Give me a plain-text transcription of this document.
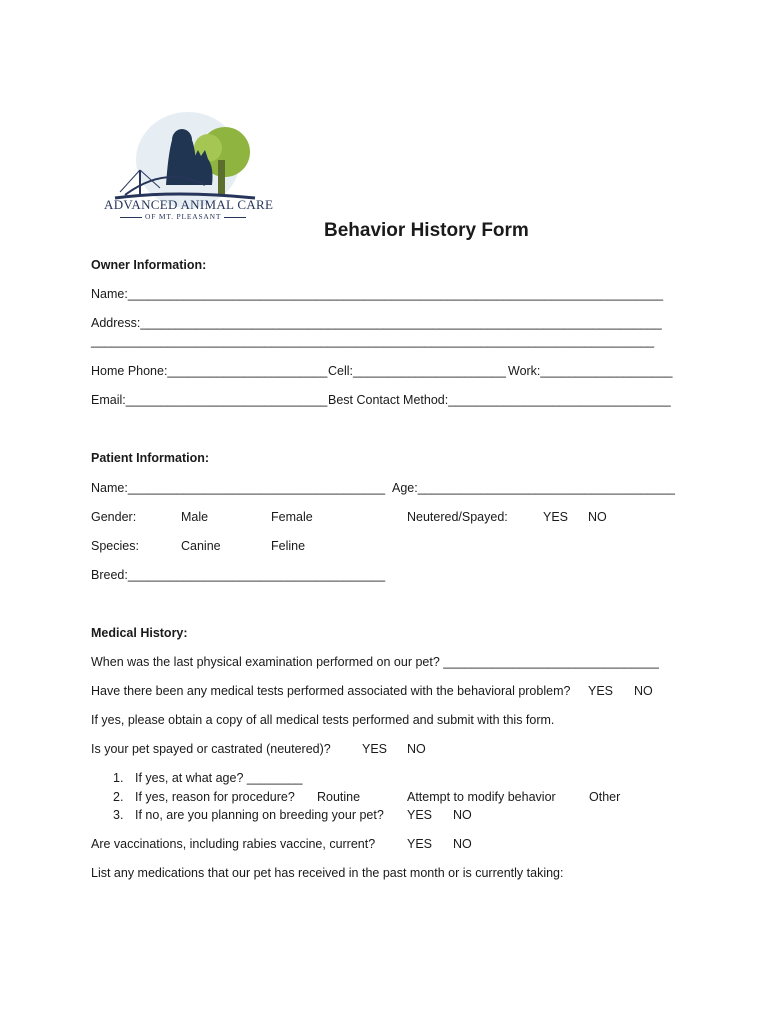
ADVANCED ANIMAL CARE
OF MT. PLEASANT
Behavior History Form
Owner Information:
Name:_____________________________________________________________________________
Address:___________________________________________________________________________
_________________________________________________________________________________
Home Phone:_______________________ Cell:______________________ Work:___________________
Email:_____________________________ Best Contact Method:________________________________
Patient Information:
Name:_____________________________________ Age:_____________________________________
Gender:	Male	Female	Neutered/Spayed:	YES NO
Species:	Canine	Feline
Breed:_____________________________________
Medical History:
When was the last physical examination performed on our pet? _______________________________
Have there been any medical tests performed associated with the behavioral problem? YES NO
If yes, please obtain a copy of all medical tests performed and submit with this form.
Is your pet spayed or castrated (neutered)?	YES NO
1. If yes, at what age? ________
2. If yes, reason for procedure? Routine	Attempt to modify behavior	Other
3. If no, are you planning on breeding your pet? YES NO
Are vaccinations, including rabies vaccine, current?	YES NO
List any medications that our pet has received in the past month or is currently taking:
